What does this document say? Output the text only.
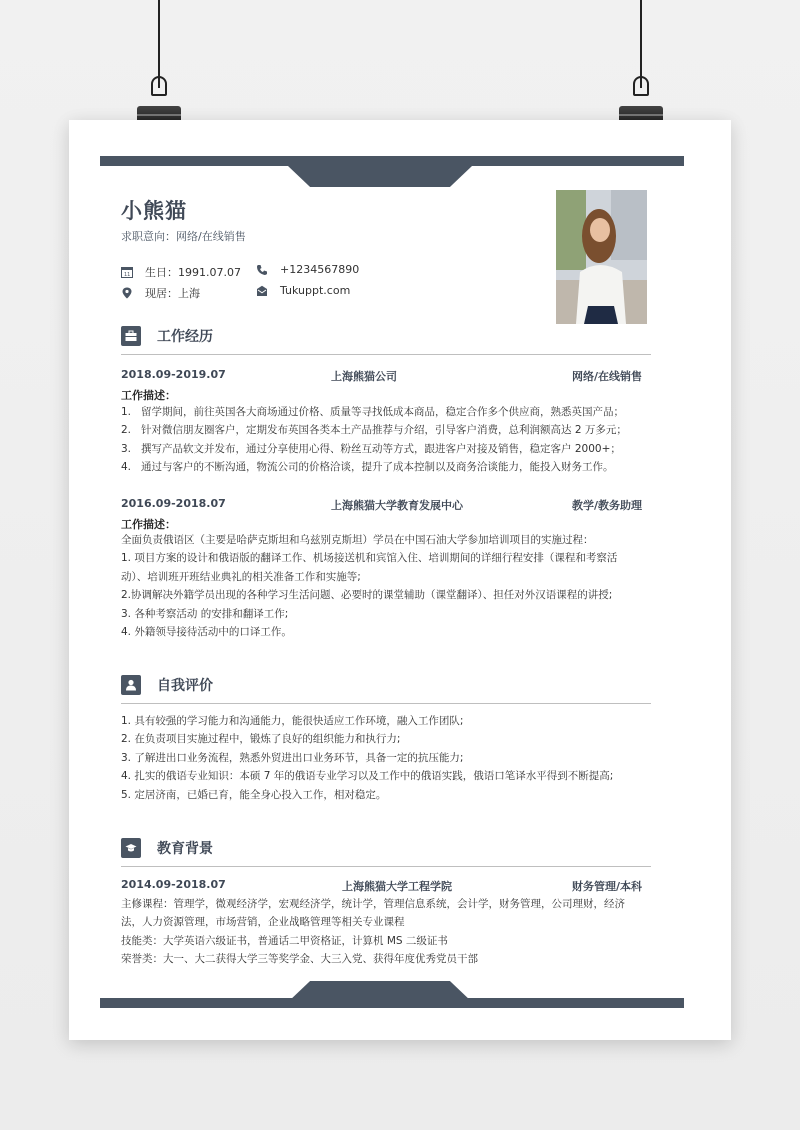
小熊猫
求职意向：网络/在线销售
11 生日：1991.07.07	+1234567890
现居：上海	Tukuppt.com
工作经历
2018.09-2019.07	上海熊猫公司	网络/在线销售
工作描述：
1.   留学期间，前往英国各大商场通过价格、质量等寻找低成本商品，稳定合作多个供应商，熟悉英国产品；
2.   针对微信朋友圈客户，定期发布英国各类本土产品推荐与介绍，引导客户消费，总利润额高达 2 万多元；
3.   撰写产品软文并发布，通过分享使用心得、粉丝互动等方式，跟进客户对接及销售，稳定客户 2000+；
4.   通过与客户的不断沟通，物流公司的价格洽谈，提升了成本控制以及商务洽谈能力，能投入财务工作。
2016.09-2018.07	上海熊猫大学教育发展中心	教学/教务助理
工作描述：
全面负责俄语区（主要是哈萨克斯坦和乌兹别克斯坦）学员在中国石油大学参加培训项目的实施过程：
1. 项目方案的设计和俄语版的翻译工作、机场接送机和宾馆入住、培训期间的详细行程安排（课程和考察活
动）、培训班开班结业典礼的相关准备工作和实施等;
2.协调解决外籍学员出现的各种学习生活问题、必要时的课堂辅助（课堂翻译）、担任对外汉语课程的讲授;
3. 各种考察活动 的安排和翻译工作;
4. 外籍领导接待活动中的口译工作。
自我评价
1. 具有较强的学习能力和沟通能力，能很快适应工作环境，融入工作团队;
2. 在负责项目实施过程中，锻炼了良好的组织能力和执行力;
3. 了解进出口业务流程，熟悉外贸进出口业务环节，具备一定的抗压能力;
4. 扎实的俄语专业知识：本硕 7 年的俄语专业学习以及工作中的俄语实践，俄语口笔译水平得到不断提高;
5. 定居济南，已婚已育，能全身心投入工作，相对稳定。
教育背景
2014.09-2018.07	上海熊猫大学工程学院	财务管理/本科
主修课程：管理学，微观经济学，宏观经济学，统计学，管理信息系统，会计学，财务管理，公司理财，经济
法，人力资源管理，市场营销，企业战略管理等相关专业课程
技能类：大学英语六级证书，普通话二甲资格证，计算机 MS 二级证书
荣誉类：大一、大二获得大学三等奖学金、大三入党、获得年度优秀党员干部
